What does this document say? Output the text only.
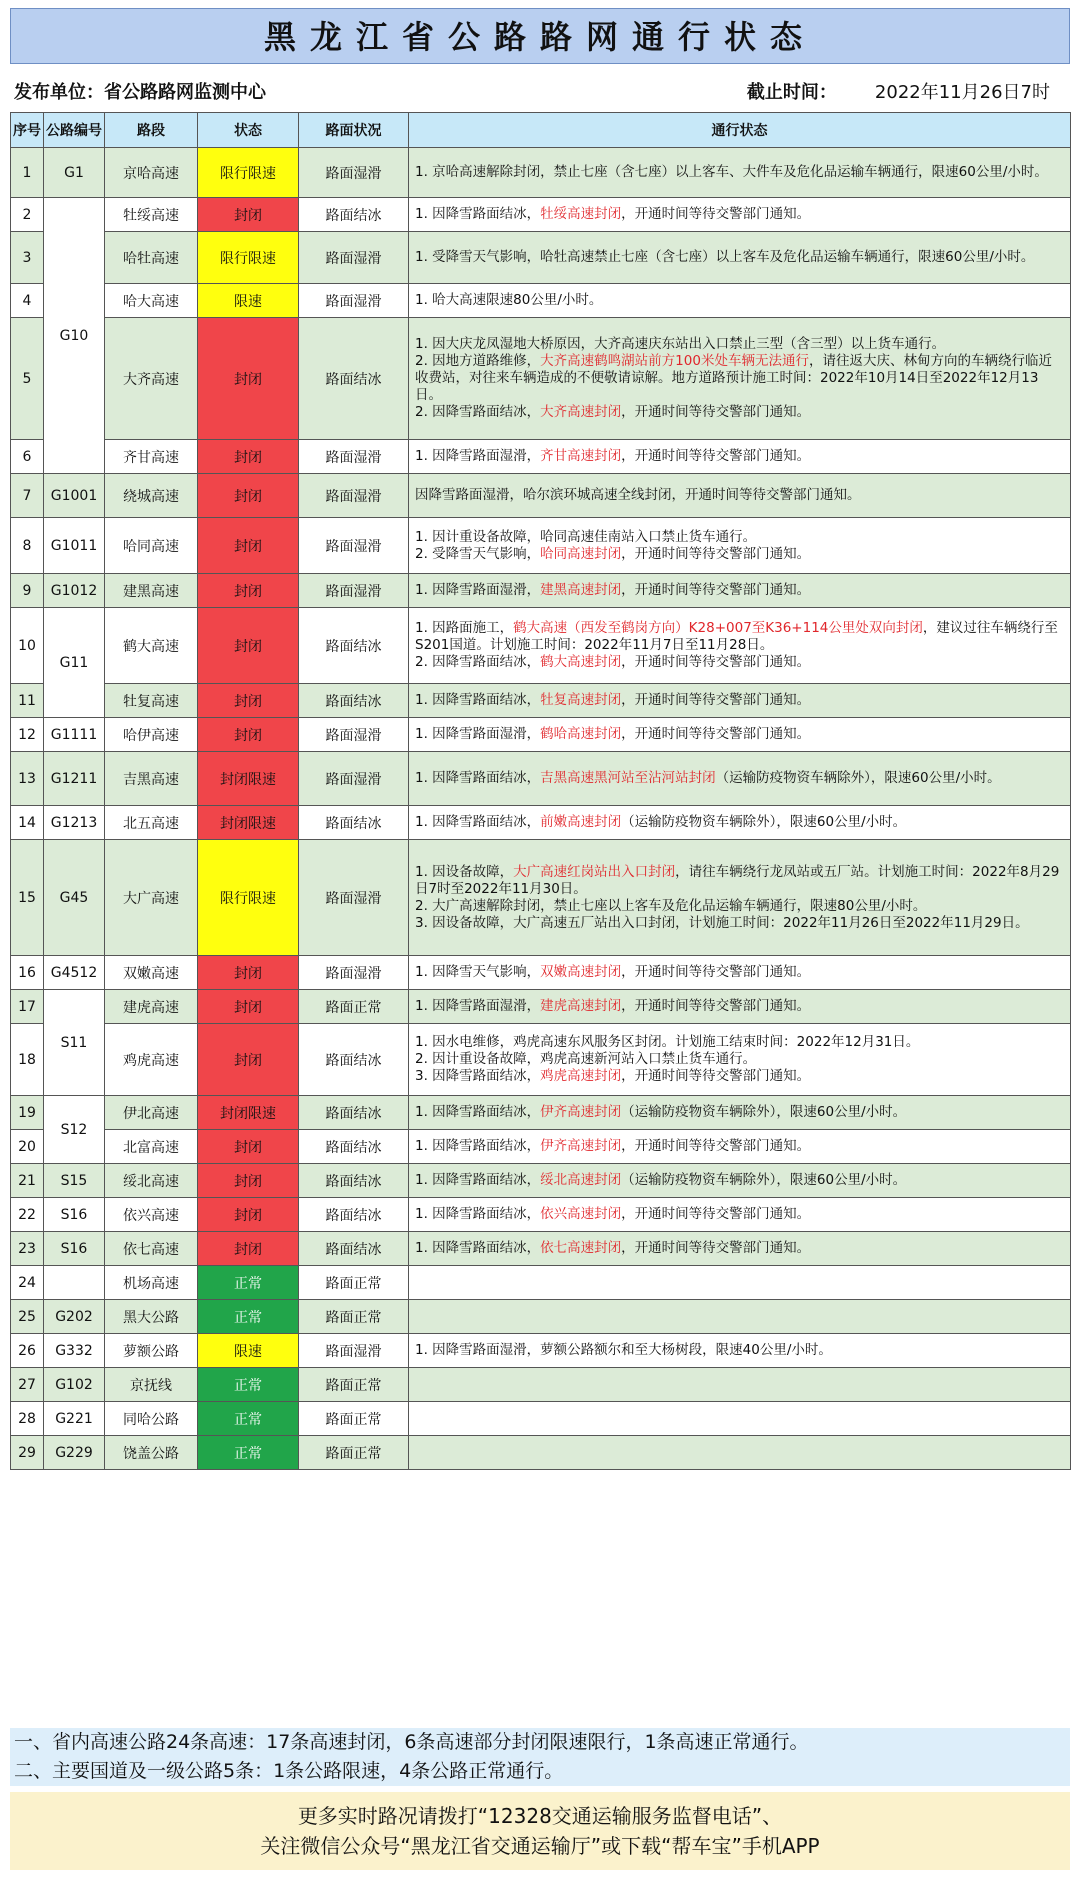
黑龙江省公路路网通行状态
发布单位：省公路路网监测中心	截止时间： 2022年11月26日7时
序号	公路编号	路段	状态	路面状况	通行状态
1	G1	京哈高速	限行限速	路面湿滑	1. 京哈高速解除封闭，禁止七座（含七座）以上客车、大件车及危化品运输车辆通行，限速60公里/小时。
2	G10	牡绥高速	封闭	路面结冰	1. 因降雪路面结冰，牡绥高速封闭，开通时间等待交警部门通知。
3		哈牡高速	限行限速	路面湿滑	1. 受降雪天气影响，哈牡高速禁止七座（含七座）以上客车及危化品运输车辆通行，限速60公里/小时。
4		哈大高速	限速	路面湿滑	1. 哈大高速限速80公里/小时。
5		大齐高速	封闭	路面结冰	1. 因大庆龙凤湿地大桥原因，大齐高速庆东站出入口禁止三型（含三型）以上货车通行。
2. 因地方道路维修，大齐高速鹤鸣湖站前方100米处车辆无法通行，请往返大庆、林甸方向的车辆绕行临近收费站，对往来车辆造成的不便敬请谅解。地方道路预计施工时间：2022年10月14日至2022年12月13日。
2. 因降雪路面结冰，大齐高速封闭，开通时间等待交警部门通知。
6		齐甘高速	封闭	路面湿滑	1. 因降雪路面湿滑，齐甘高速封闭，开通时间等待交警部门通知。
7	G1001	绕城高速	封闭	路面湿滑	因降雪路面湿滑，哈尔滨环城高速全线封闭，开通时间等待交警部门通知。
8	G1011	哈同高速	封闭	路面湿滑	1. 因计重设备故障，哈同高速佳南站入口禁止货车通行。
2. 受降雪天气影响，哈同高速封闭，开通时间等待交警部门通知。
9	G1012	建黑高速	封闭	路面湿滑	1. 因降雪路面湿滑，建黑高速封闭，开通时间等待交警部门通知。
10	G11	鹤大高速	封闭	路面结冰	1. 因路面施工，鹤大高速（西发至鹤岗方向）K28+007至K36+114公里处双向封闭，建议过往车辆绕行至S201国道。计划施工时间：2022年11月7日至11月28日。
2. 因降雪路面结冰，鹤大高速封闭，开通时间等待交警部门通知。
11		牡复高速	封闭	路面结冰	1. 因降雪路面结冰，牡复高速封闭，开通时间等待交警部门通知。
12	G1111	哈伊高速	封闭	路面湿滑	1. 因降雪路面湿滑，鹤哈高速封闭，开通时间等待交警部门通知。
13	G1211	吉黑高速	封闭限速	路面湿滑	1. 因降雪路面结冰，吉黑高速黑河站至沾河站封闭（运输防疫物资车辆除外），限速60公里/小时。
14	G1213	北五高速	封闭限速	路面结冰	1. 因降雪路面结冰，前嫩高速封闭（运输防疫物资车辆除外），限速60公里/小时。
15	G45	大广高速	限行限速	路面湿滑	1. 因设备故障，大广高速红岗站出入口封闭，请往车辆绕行龙凤站或五厂站。计划施工时间：2022年8月29日7时至2022年11月30日。
2. 大广高速解除封闭，禁止七座以上客车及危化品运输车辆通行，限速80公里/小时。
3. 因设备故障，大广高速五厂站出入口封闭，计划施工时间：2022年11月26日至2022年11月29日。
16	G4512	双嫩高速	封闭	路面湿滑	1. 因降雪天气影响，双嫩高速封闭，开通时间等待交警部门通知。
17	S11	建虎高速	封闭	路面正常	1. 因降雪路面湿滑，建虎高速封闭，开通时间等待交警部门通知。
18		鸡虎高速	封闭	路面结冰	1. 因水电维修，鸡虎高速东风服务区封闭。计划施工结束时间：2022年12月31日。
2. 因计重设备故障，鸡虎高速新河站入口禁止货车通行。
3. 因降雪路面结冰，鸡虎高速封闭，开通时间等待交警部门通知。
19	S12	伊北高速	封闭限速	路面结冰	1. 因降雪路面结冰，伊齐高速封闭（运输防疫物资车辆除外），限速60公里/小时。
20		北富高速	封闭	路面结冰	1. 因降雪路面结冰，伊齐高速封闭，开通时间等待交警部门通知。
21	S15	绥北高速	封闭	路面结冰	1. 因降雪路面结冰，绥北高速封闭（运输防疫物资车辆除外），限速60公里/小时。
22	S16	依兴高速	封闭	路面结冰	1. 因降雪路面结冰，依兴高速封闭，开通时间等待交警部门通知。
23	S16	依七高速	封闭	路面结冰	1. 因降雪路面结冰，依七高速封闭，开通时间等待交警部门通知。
24		机场高速	正常	路面正常	
25	G202	黑大公路	正常	路面正常	
26	G332	萝额公路	限速	路面湿滑	1. 因降雪路面湿滑，萝额公路额尔和至大杨树段，限速40公里/小时。
27	G102	京抚线	正常	路面正常	
28	G221	同哈公路	正常	路面正常	
29	G229	饶盖公路	正常	路面正常	
一、省内高速公路24条高速：17条高速封闭，6条高速部分封闭限速限行，1条高速正常通行。
二、主要国道及一级公路5条：1条公路限速，4条公路正常通行。
更多实时路况请拨打“12328交通运输服务监督电话”、
关注微信公众号“黑龙江省交通运输厅”或下载“帮车宝”手机APP
